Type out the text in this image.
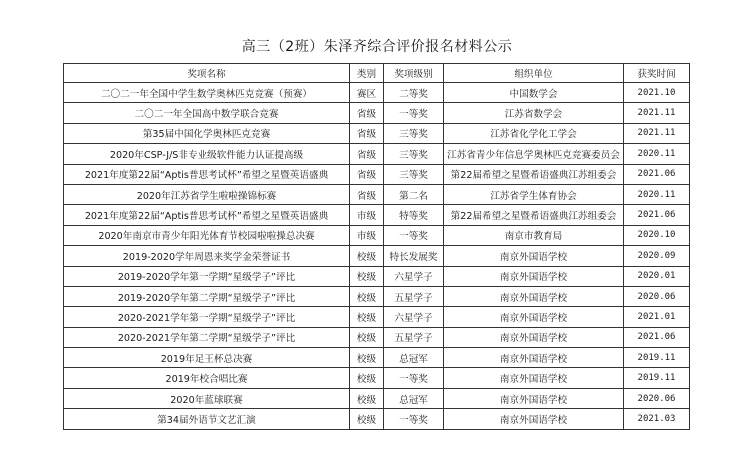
高三（2班）朱泽齐综合评价报名材料公示
奖项名称	类别	奖项级别	组织单位	获奖时间
二〇二一年全国中学生数学奥林匹克竞赛（预赛）	赛区	二等奖	中国数学会	2021.10
二〇二一年全国高中数学联合竞赛	省级	一等奖	江苏省数学会	2021.11
第35届中国化学奥林匹克竞赛	省级	三等奖	江苏省化学化工学会	2021.11
2020年CSP-J/S非专业级软件能力认证提高级	省级	三等奖	江苏省青少年信息学奥林匹克竞赛委员会	2020.11
2021年度第22届“Aptis普思考试杯”希望之星暨英语盛典	省级	三等奖	第22届希望之星暨希语盛典江苏组委会	2021.06
2020年江苏省学生啦啦操锦标赛	省级	第二名	江苏省学生体育协会	2020.11
2021年度第22届“Aptis普思考试杯”希望之星暨英语盛典	市级	特等奖	第22届希望之星暨希语盛典江苏组委会	2021.06
2020年南京市青少年阳光体育节校园啦啦操总决赛	市级	一等奖	南京市教育局	2020.10
2019-2020学年周恩来奖学金荣誉证书	校级	特长发展奖	南京外国语学校	2020.09
2019-2020学年第一学期“星级学子”评比	校级	六星学子	南京外国语学校	2020.01
2019-2020学年第二学期“星级学子”评比	校级	五星学子	南京外国语学校	2020.06
2020-2021学年第一学期“星级学子”评比	校级	六星学子	南京外国语学校	2021.01
2020-2021学年第二学期“星级学子”评比	校级	五星学子	南京外国语学校	2021.06
2019年足王杯总决赛	校级	总冠军	南京外国语学校	2019.11
2019年校合唱比赛	校级	一等奖	南京外国语学校	2019.11
2020年蓝球联赛	校级	总冠军	南京外国语学校	2020.06
第34届外语节文艺汇演	校级	一等奖	南京外国语学校	2021.03
